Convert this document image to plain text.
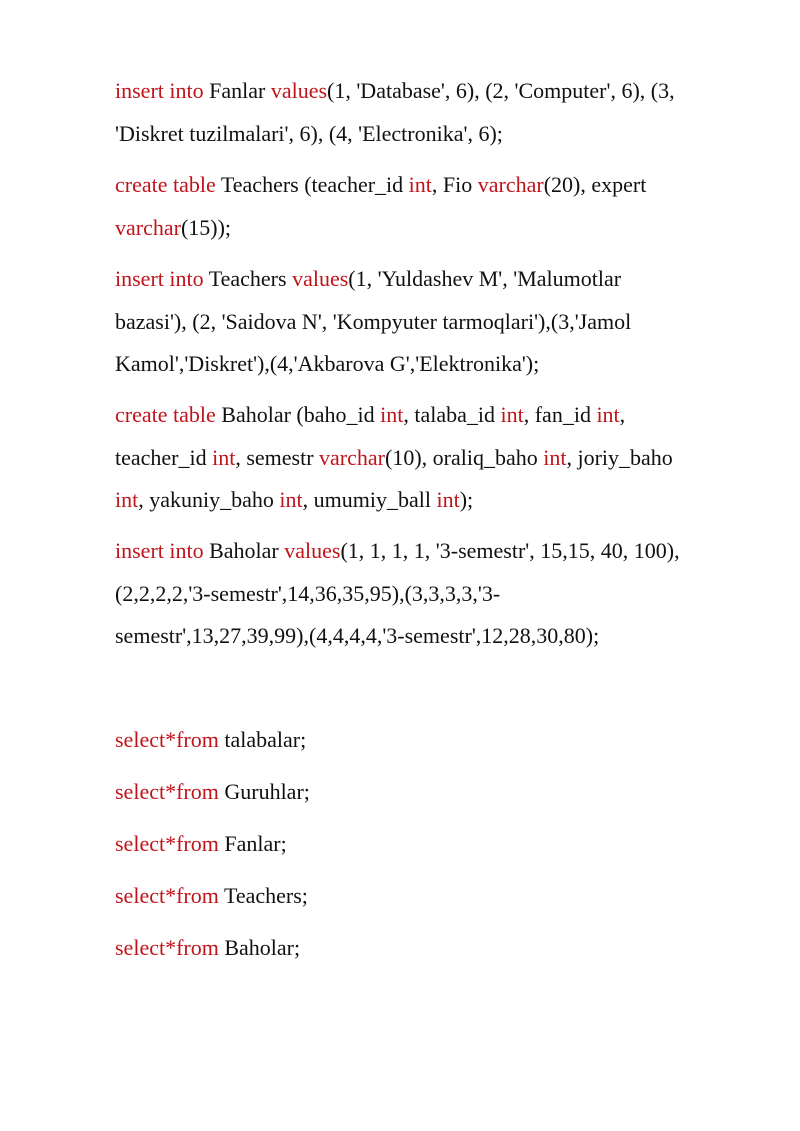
insert into Fanlar values(1, 'Database', 6), (2, 'Computer', 6), (3,
'Diskret tuzilmalari', 6), (4, 'Electronika', 6);
create table Teachers (teacher_id int, Fio varchar(20), expert
varchar(15));
insert into Teachers values(1, 'Yuldashev M', 'Malumotlar
bazasi'), (2, 'Saidova N', 'Kompyuter tarmoqlari'),(3,'Jamol
Kamol','Diskret'),(4,'Akbarova G','Elektronika');
create table Baholar (baho_id int, talaba_id int, fan_id int,
teacher_id int, semestr varchar(10), oraliq_baho int, joriy_baho
int, yakuniy_baho int, umumiy_ball int);
insert into Baholar values(1, 1, 1, 1, '3-semestr', 15,15, 40, 100),
(2,2,2,2,'3-semestr',14,36,35,95),(3,3,3,3,'3-
semestr',13,27,39,99),(4,4,4,4,'3-semestr',12,28,30,80);
select*from talabalar;
select*from Guruhlar;
select*from Fanlar;
select*from Teachers;
select*from Baholar;
